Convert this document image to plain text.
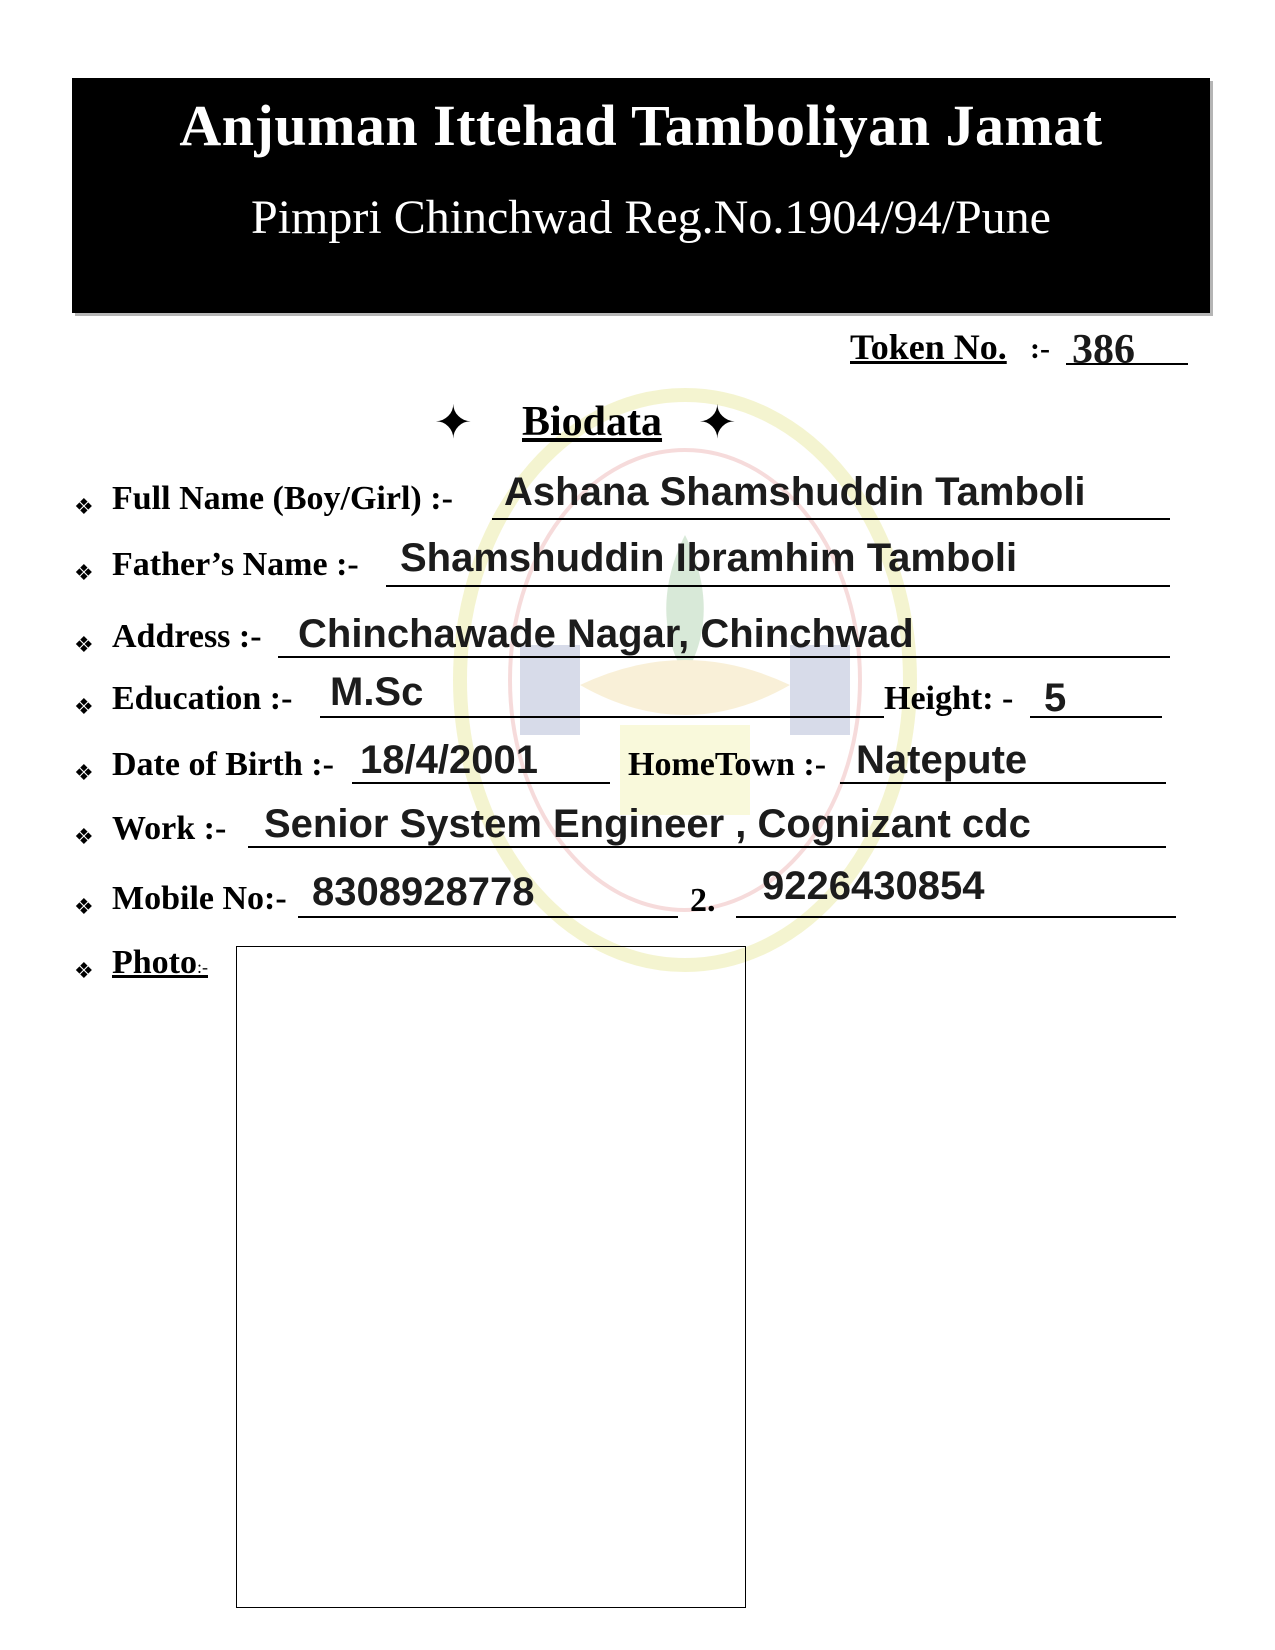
Anjuman Ittehad Tamboliyan Jamat
Pimpri Chinchwad Reg.No.1904/94/Pune
Token No. :- 386
✦ Biodata ✦
❖ Full Name (Boy/Girl) :- Ashana Shamshuddin Tamboli
❖ Father’s Name :- Shamshuddin Ibramhim Tamboli
❖ Address :- Chinchawade Nagar, Chinchwad
❖ Education :- M.Sc	Height: - 5
❖ Date of Birth :- 18/4/2001	HomeTown :- Natepute
❖ Work :- Senior System Engineer , Cognizant cdc
❖ Mobile No:- 8308928778	2. 9226430854
❖ Photo:-
